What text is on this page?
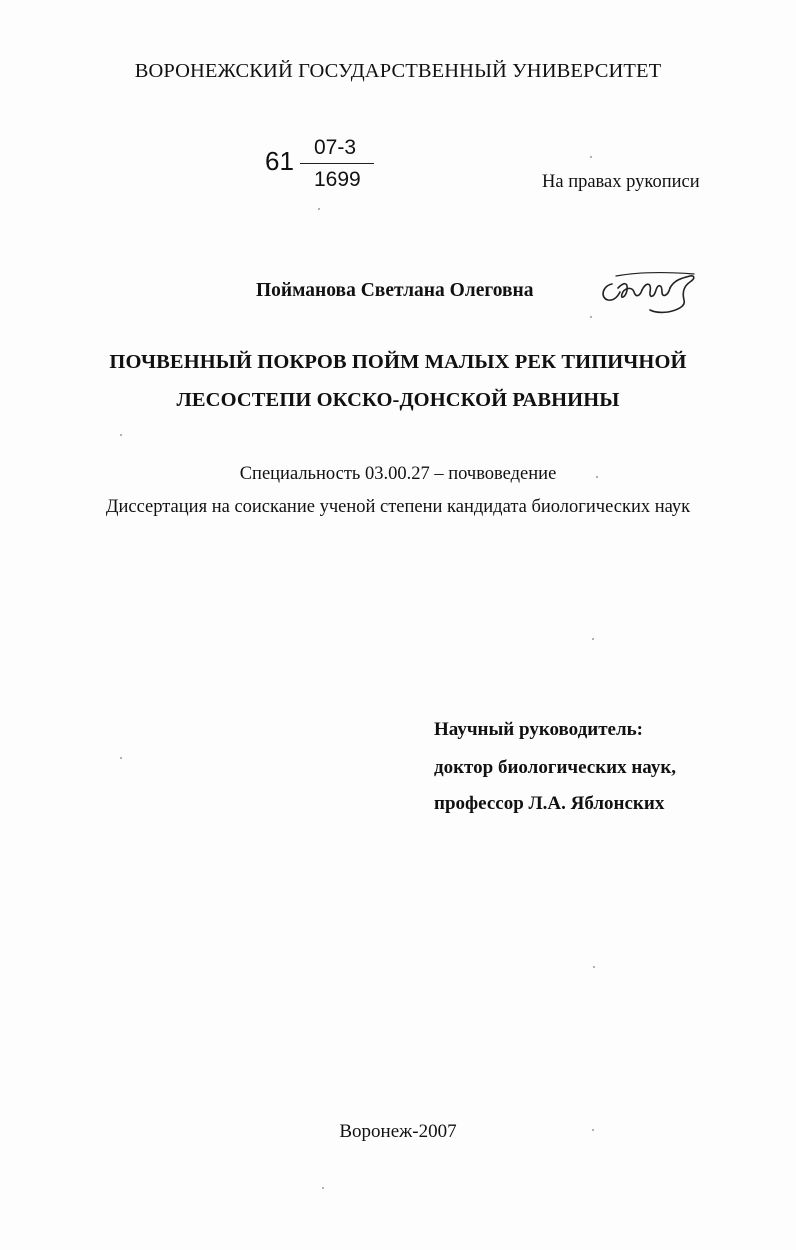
ВОРОНЕЖСКИЙ ГОСУДАРСТВЕННЫЙ УНИВЕРСИТЕТ
61 07-3
1699	На правах рукописи
Пойманова Светлана Олеговна
ПОЧВЕННЫЙ ПОКРОВ ПОЙМ МАЛЫХ РЕК ТИПИЧНОЙ
ЛЕСОСТЕПИ ОКСКО-ДОНСКОЙ РАВНИНЫ
Специальность 03.00.27 – почвоведение
Диссертация на соискание ученой степени кандидата биологических наук
Научный руководитель:
доктор биологических наук,
профессор Л.А. Яблонских
Воронеж-2007
